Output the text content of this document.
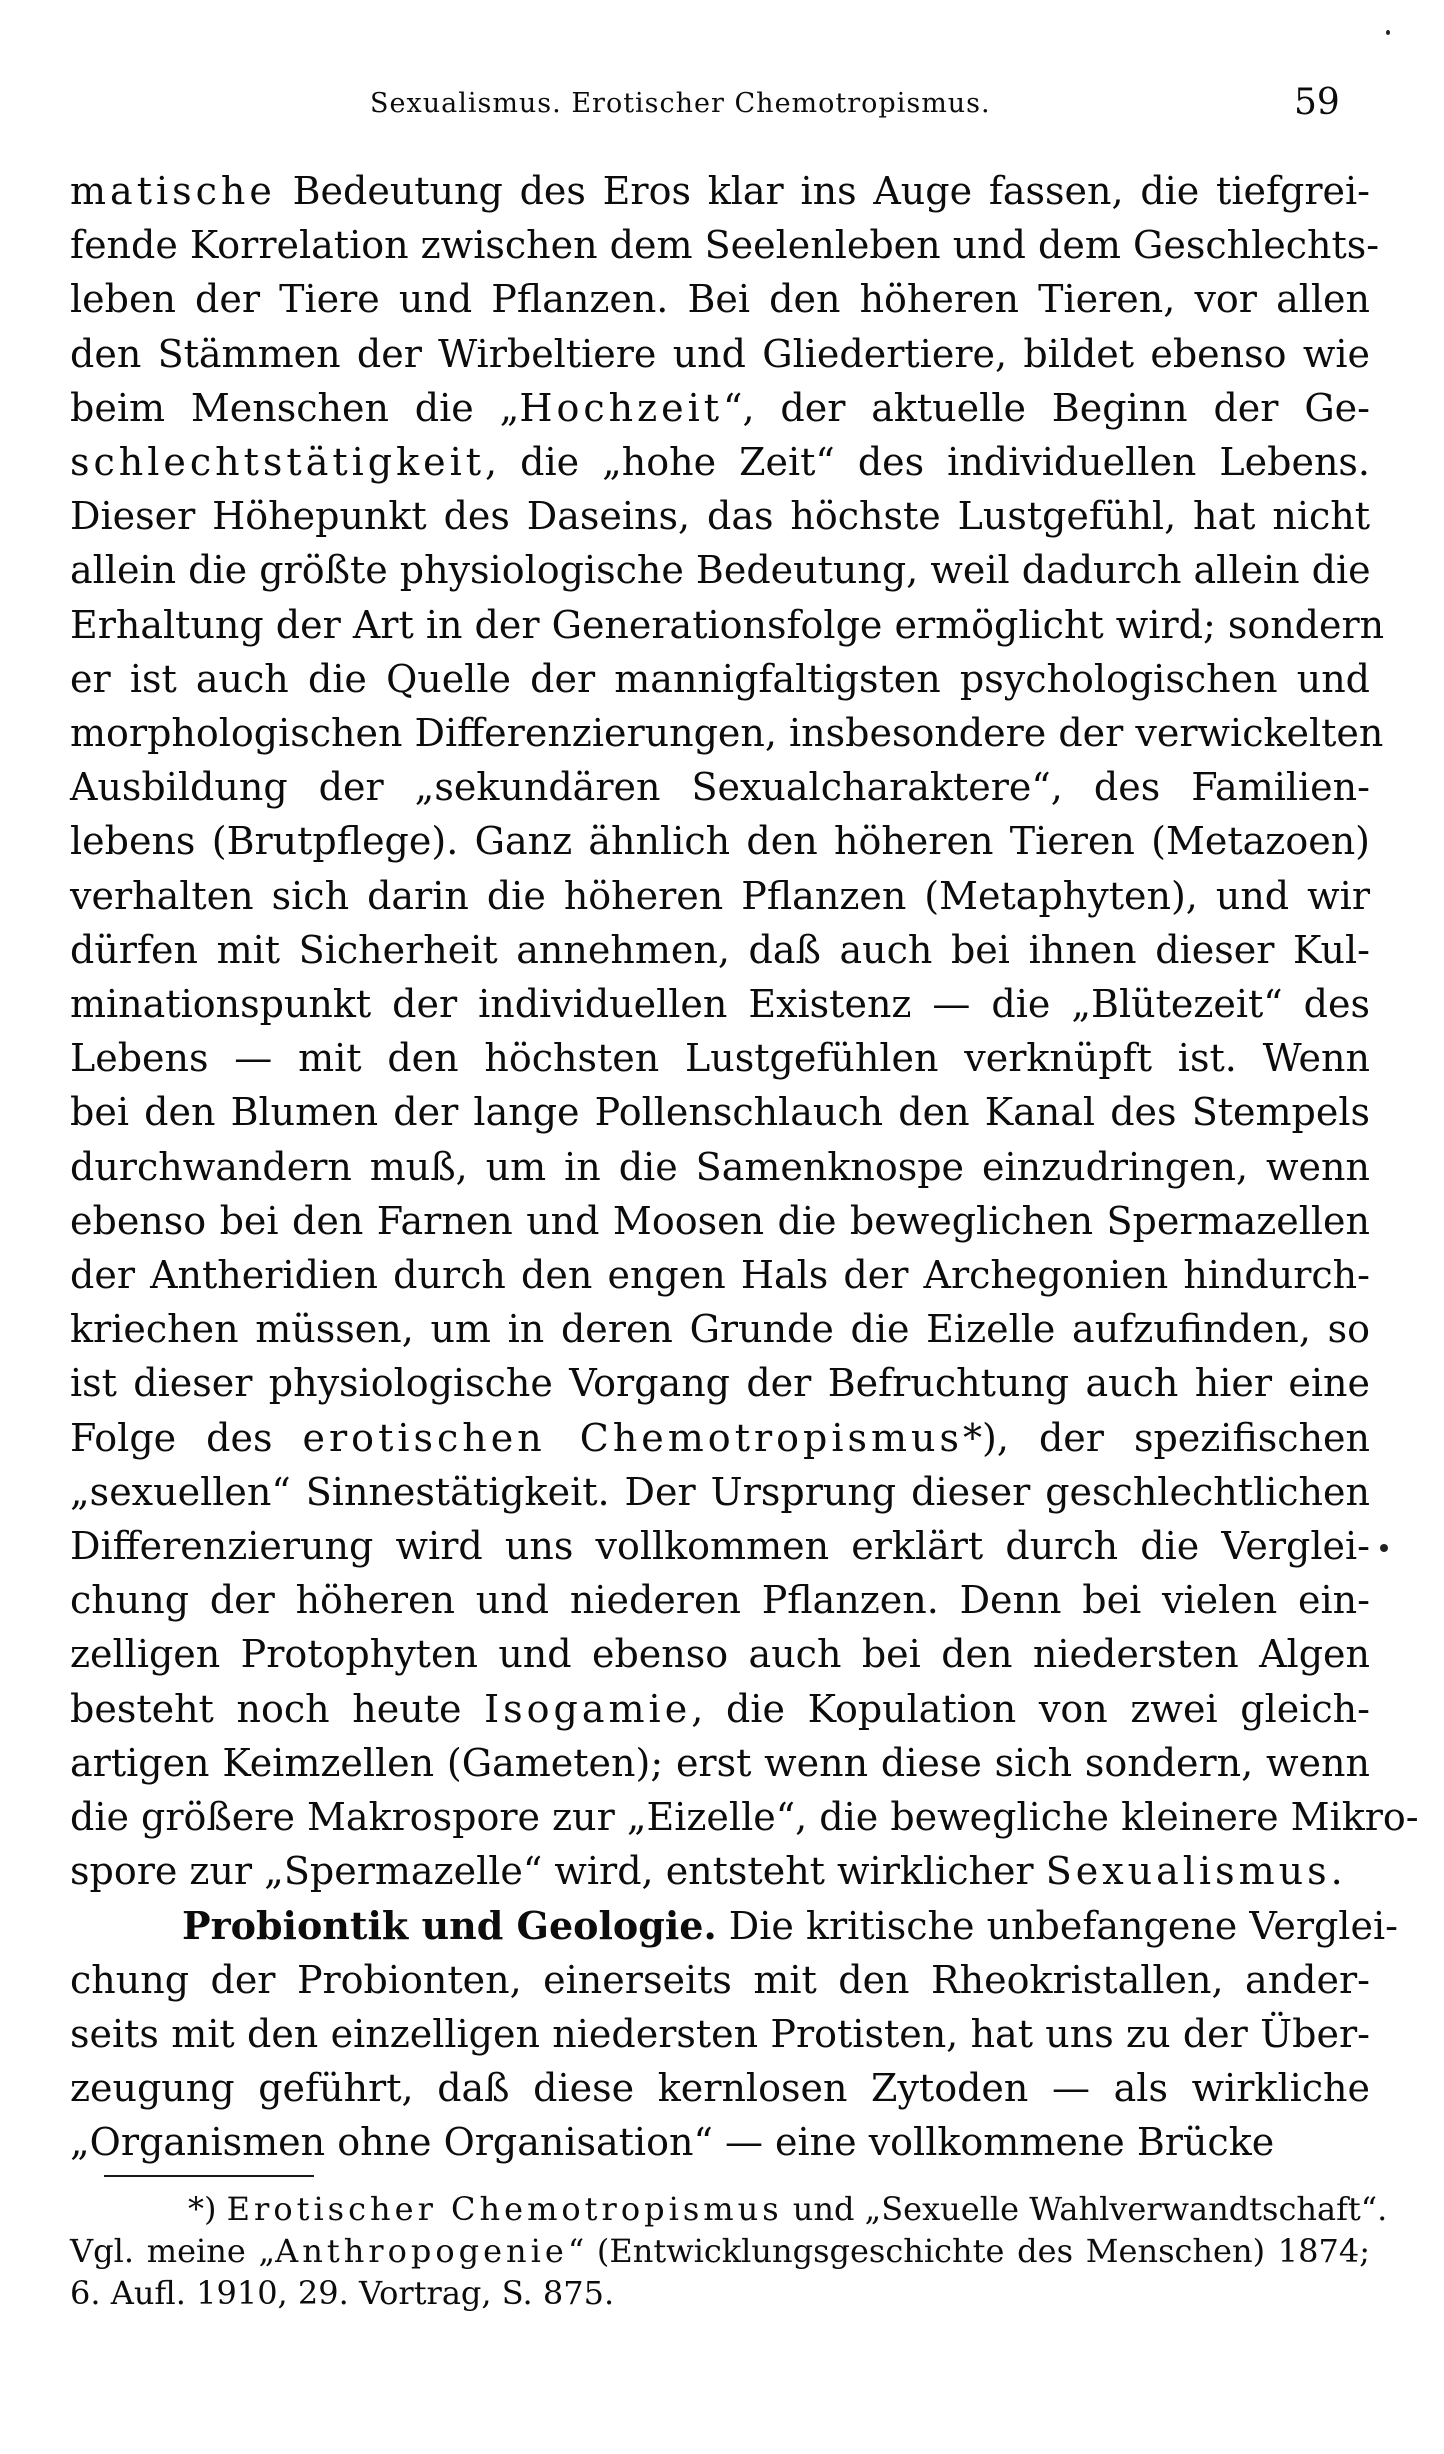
Sexualismus. Erotischer Chemotropismus.	59
matische Bedeutung des Eros klar ins Auge fassen, die tiefgrei-
fende Korrelation zwischen dem Seelenleben und dem Geschlechts-
leben der Tiere und Pflanzen. Bei den höheren Tieren, vor allen
den Stämmen der Wirbeltiere und Gliedertiere, bildet ebenso wie
beim Menschen die „Hochzeit“, der aktuelle Beginn der Ge-
schlechtstätigkeit, die „hohe Zeit“ des individuellen Lebens.
Dieser Höhepunkt des Daseins, das höchste Lustgefühl, hat nicht
allein die größte physiologische Bedeutung, weil dadurch allein die
Erhaltung der Art in der Generationsfolge ermöglicht wird; sondern
er ist auch die Quelle der mannigfaltigsten psychologischen und
morphologischen Differenzierungen, insbesondere der verwickelten
Ausbildung der „sekundären Sexualcharaktere“, des Familien-
lebens (Brutpflege). Ganz ähnlich den höheren Tieren (Metazoen)
verhalten sich darin die höheren Pflanzen (Metaphyten), und wir
dürfen mit Sicherheit annehmen, daß auch bei ihnen dieser Kul-
minationspunkt der individuellen Existenz — die „Blütezeit“ des
Lebens — mit den höchsten Lustgefühlen verknüpft ist. Wenn
bei den Blumen der lange Pollenschlauch den Kanal des Stempels
durchwandern muß, um in die Samenknospe einzudringen, wenn
ebenso bei den Farnen und Moosen die beweglichen Spermazellen
der Antheridien durch den engen Hals der Archegonien hindurch-
kriechen müssen, um in deren Grunde die Eizelle aufzufinden, so
ist dieser physiologische Vorgang der Befruchtung auch hier eine
Folge des erotischen Chemotropismus*), der spezifischen
„sexuellen“ Sinnestätigkeit. Der Ursprung dieser geschlechtlichen
Differenzierung wird uns vollkommen erklärt durch die Verglei-
chung der höheren und niederen Pflanzen. Denn bei vielen ein-
zelligen Protophyten und ebenso auch bei den niedersten Algen
besteht noch heute Isogamie, die Kopulation von zwei gleich-
artigen Keimzellen (Gameten); erst wenn diese sich sondern, wenn
die größere Makrospore zur „Eizelle“, die bewegliche kleinere Mikro-
spore zur „Spermazelle“ wird, entsteht wirklicher Sexualismus.
Probiontik und Geologie. Die kritische unbefangene Verglei-
chung der Probionten, einerseits mit den Rheokristallen, ander-
seits mit den einzelligen niedersten Protisten, hat uns zu der Über-
zeugung geführt, daß diese kernlosen Zytoden — als wirkliche
„Organismen ohne Organisation“ — eine vollkommene Brücke
*) Erotischer Chemotropismus und „Sexuelle Wahlverwandtschaft“.
Vgl. meine „Anthropogenie“ (Entwicklungsgeschichte des Menschen) 1874;
6. Aufl. 1910, 29. Vortrag, S. 875.
